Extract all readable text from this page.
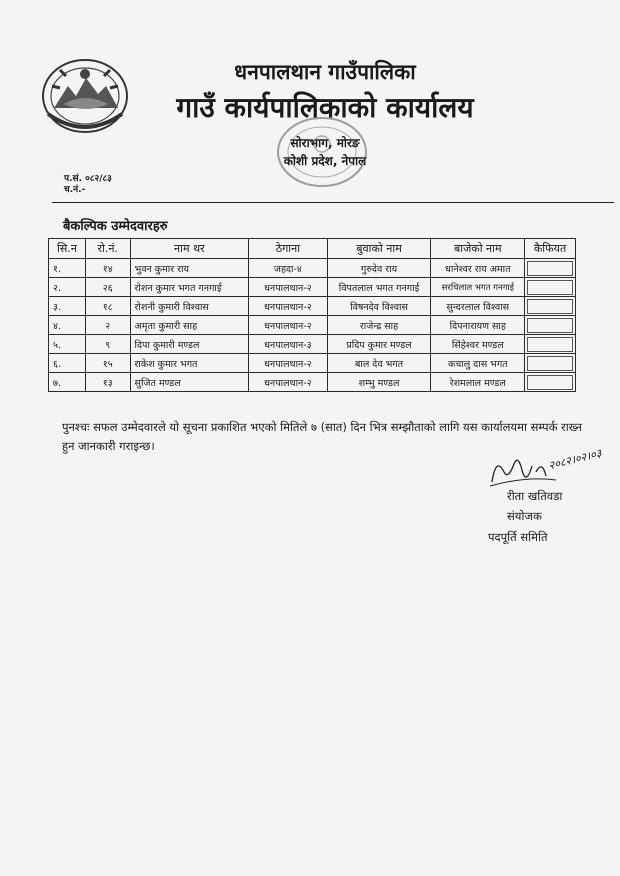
धनपालथान गाउँपालिका
गाउँ कार्यपालिकाको कार्यालय
सोराभाग, मोरङ
कोशी प्रदेश, नेपाल
प.सं. ०८२/८३
च.नं.-
बैकल्पिक उम्मेदवारहरु
सि.न	रो.नं.	नाम थर	ठेगाना	बुवाको नाम	बाजेको नाम	कैफियत
१.	१४	भुवन कुमार राय	जहदा-४	गुरुदेव राय	धानेश्वर राय अमात	

२.	२६	रोशन कुमार भगत गनगाई	धनपालथान-२	विपतलाल भगत गनगाई	सरचिलाल भगत गनगाई	

३.	१८	रोशनी कुमारी विश्वास	धनपालथान-२	विषनदेव विश्वास	सुन्दरलाल विश्वास	

४.	२	अमृता कुमारी साह	धनपालथान-२	राजेन्द्र साह	दिपनारायण साह	

५.	९	दिपा कुमारी मण्डल	धनपालथान-३	प्रदिप कुमार मण्डल	सिंहेश्वर मण्डल	

६.	१५	राकेश कुमार भगत	धनपालथान-२	बाल देव भगत	कचालु दास भगत	

७.	१३	सुजित मण्डल	धनपालथान-२	शम्भु मण्डल	रेशमलाल मण्डल	
पुनश्चः सफल उम्मेदवारले यो सूचना प्रकाशित भएको मितिले ७ (सात) दिन भित्र सम्झौताको लागि यस कार्यालयमा सम्पर्क राख्न हुन जानकारी गराइन्छ।
२०८२।०२।०३
रीता खतिवडा
संयोजक
पदपूर्ति समिति
